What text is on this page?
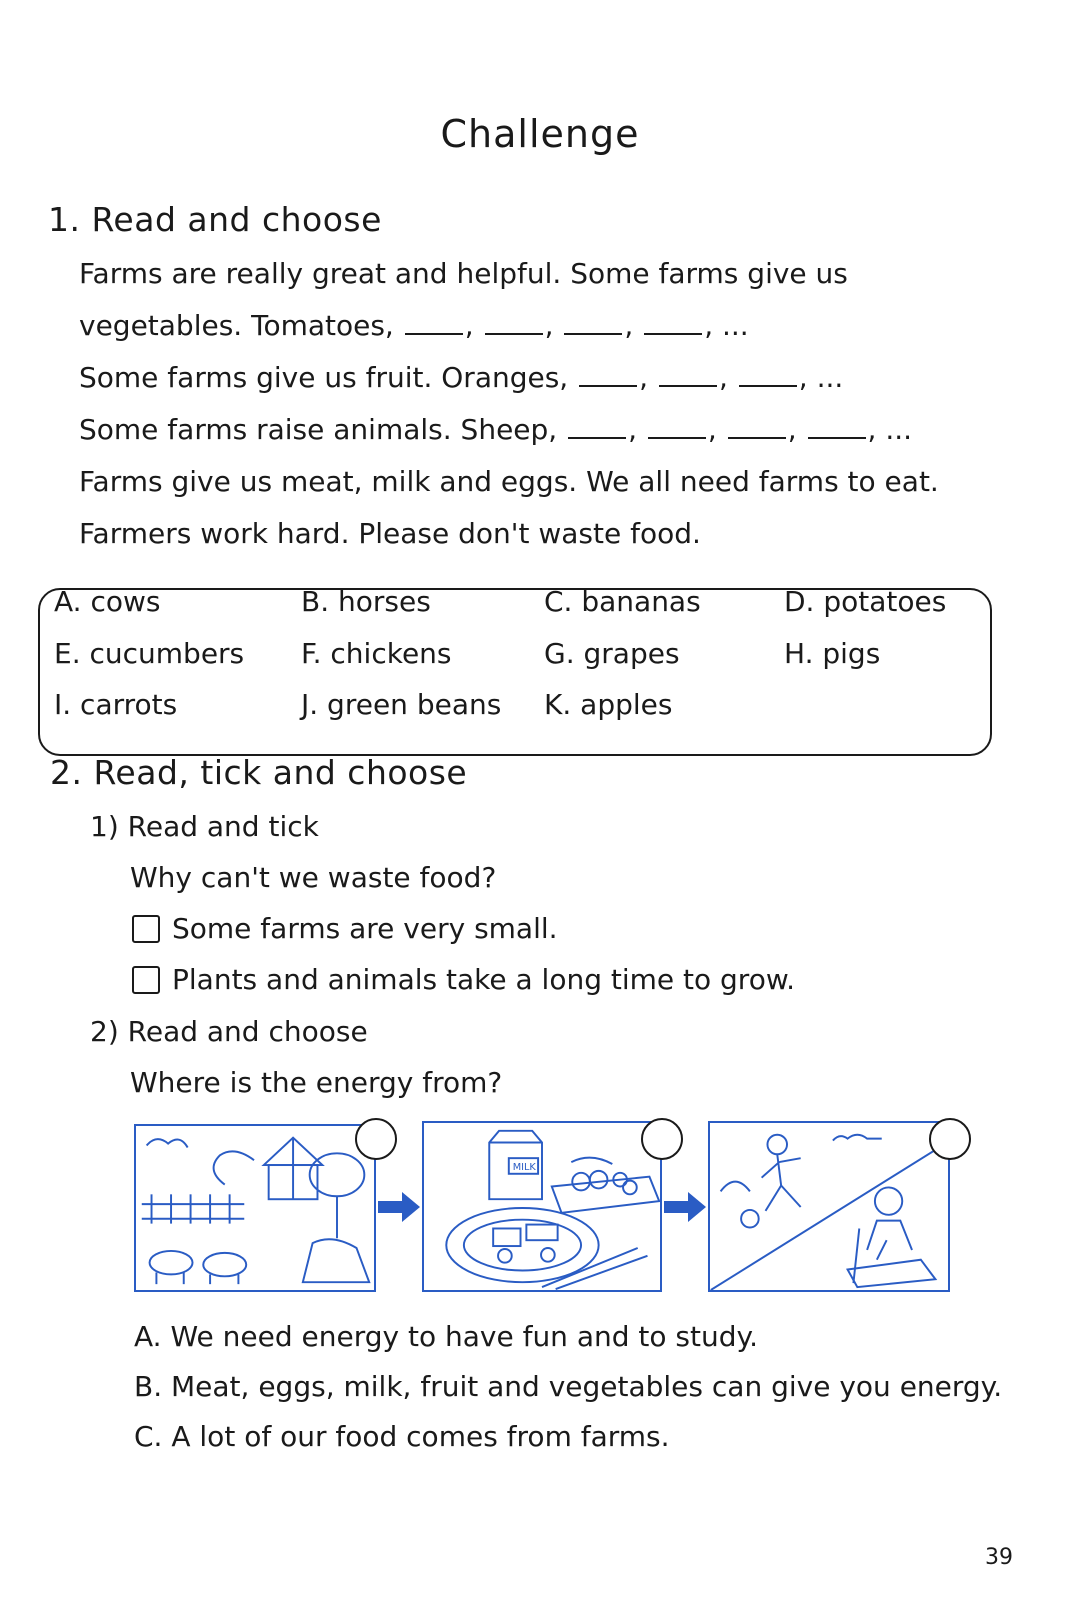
Challenge
1. Read and choose
Farms are really great and helpful. Some farms give us
vegetables. Tomatoes,	, , , , ...
Some farms give us fruit. Oranges,	, , , ...
Some farms raise animals. Sheep,	, , , , ...
Farms give us meat, milk and eggs. We all need farms to eat.
Farmers work hard. Please don't waste food.
A. cows	B. horses	C. bananas	D. potatoes
E. cucumbers F. chickens	G. grapes	H. pigs
I. carrots	J. green beans K. apples
2. Read, tick and choose
1) Read and tick
Why can't we waste food?
Some farms are very small.
Plants and animals take a long time to grow.
2) Read and choose
Where is the energy from?
MILK
A. We need energy to have fun and to study.
B. Meat, eggs, milk, fruit and vegetables can give you energy.
C. A lot of our food comes from farms.
39
